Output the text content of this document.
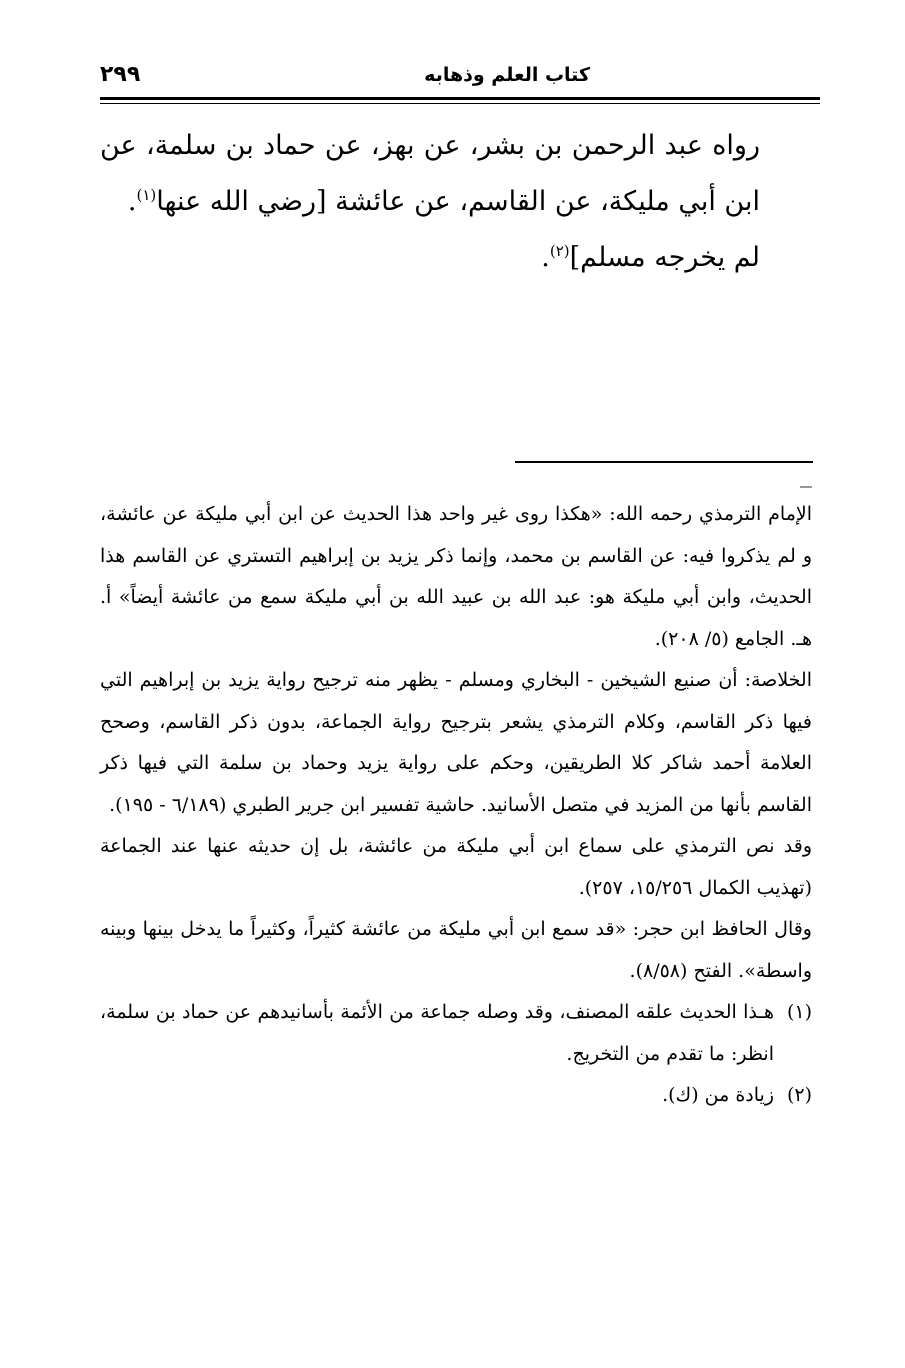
كتاب العلم وذهابه
٢٩٩

رواه عبد الرحمن بن بشر، عن بهز، عن حماد بن سلمة، عن ابن أبي مليكة، عن القاسم، عن عائشة [رضي الله عنها$^{(١)}$.

لم يخرجه مسلم]$^{(٢)}$.

الإمام الترمذي رحمه الله: «هكذا روى غير واحد هذا الحديث عن ابن أبي مليكة عن عائشة، و لم يذكروا فيه: عن القاسم بن محمد، وإنما ذكر يزيد بن إبراهيم التستري عن القاسم هذا الحديث، وابن أبي مليكة هو: عبد الله بن عبيد الله بن أبي مليكة سمع من عائشة أيضاً» أ. هـ. الجامع (٥/ ٢٠٨).

الخلاصة: أن صنيع الشيخين - البخاري ومسلم - يظهر منه ترجيح رواية يزيد بن إبراهيم التي فيها ذكر القاسم، وكلام الترمذي يشعر بترجيح رواية الجماعة، بدون ذكر القاسم، وصحح العلامة أحمد شاكر كلا الطريقين، وحكم على رواية يزيد وحماد بن سلمة التي فيها ذكر القاسم بأنها من المزيد في متصل الأسانيد. حاشية تفسير ابن جرير الطبري (٦/١٨٩ - ١٩٥).

وقد نص الترمذي على سماع ابن أبي مليكة من عائشة، بل إن حديثه عنها عند الجماعة (تهذيب الكمال ١٥/٢٥٦، ٢٥٧).

وقال الحافظ ابن حجر: «قد سمع ابن أبي مليكة من عائشة كثيراً، وكثيراً ما يدخل بينها وبينه واسطة». الفتح (٨/٥٨).

(١)
هـذا الحديث علقه المصنف، وقد وصله جماعة من الأئمة بأسانيدهم عن حماد بن سلمة، انظر: ما تقدم من التخريج.
(٢)
زيادة من (ك).
